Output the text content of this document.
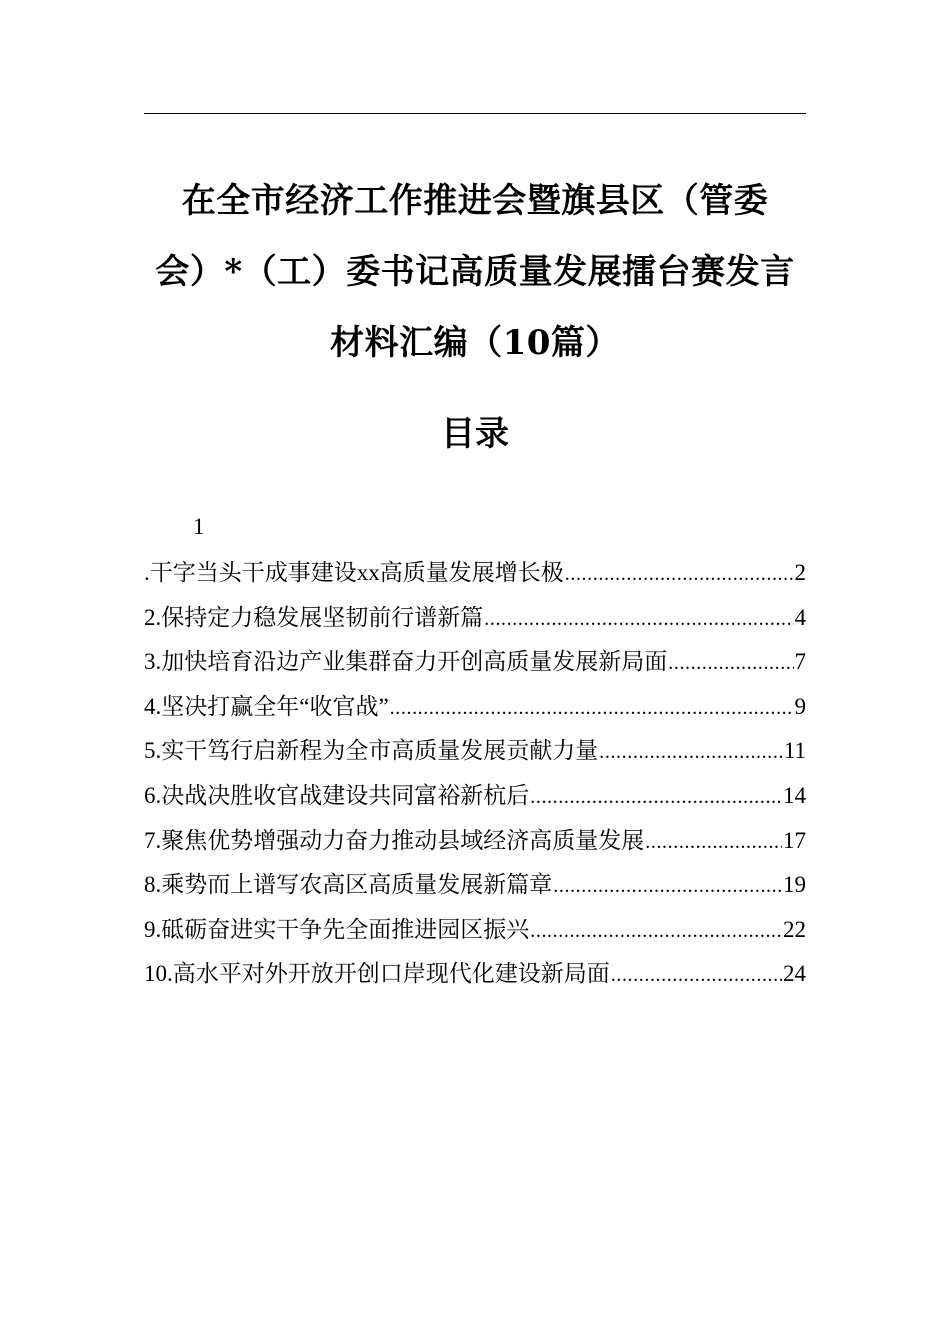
在全市经济工作推进会暨旗县区（管委
会）*（工）委书记高质量发展擂台赛发言
材料汇编（10篇）
目录
1
.干字当头干成事建设xx高质量发展增长极 .....	2
2.保持定力稳发展坚韧前行谱新篇 .....	4
3.加快培育沿边产业集群奋力开创高质量发展新局面 .....	7
4.坚决打赢全年“收官战” .....	9
5.实干笃行启新程为全市高质量发展贡献力量 .....	11
6.决战决胜收官战建设共同富裕新杭后 .....	14
7.聚焦优势增强动力奋力推动县域经济高质量发展 .....	17
8.乘势而上谱写农高区高质量发展新篇章 .....	19
9.砥砺奋进实干争先全面推进园区振兴 .....	22
10.高水平对外开放开创口岸现代化建设新局面 .....	24
